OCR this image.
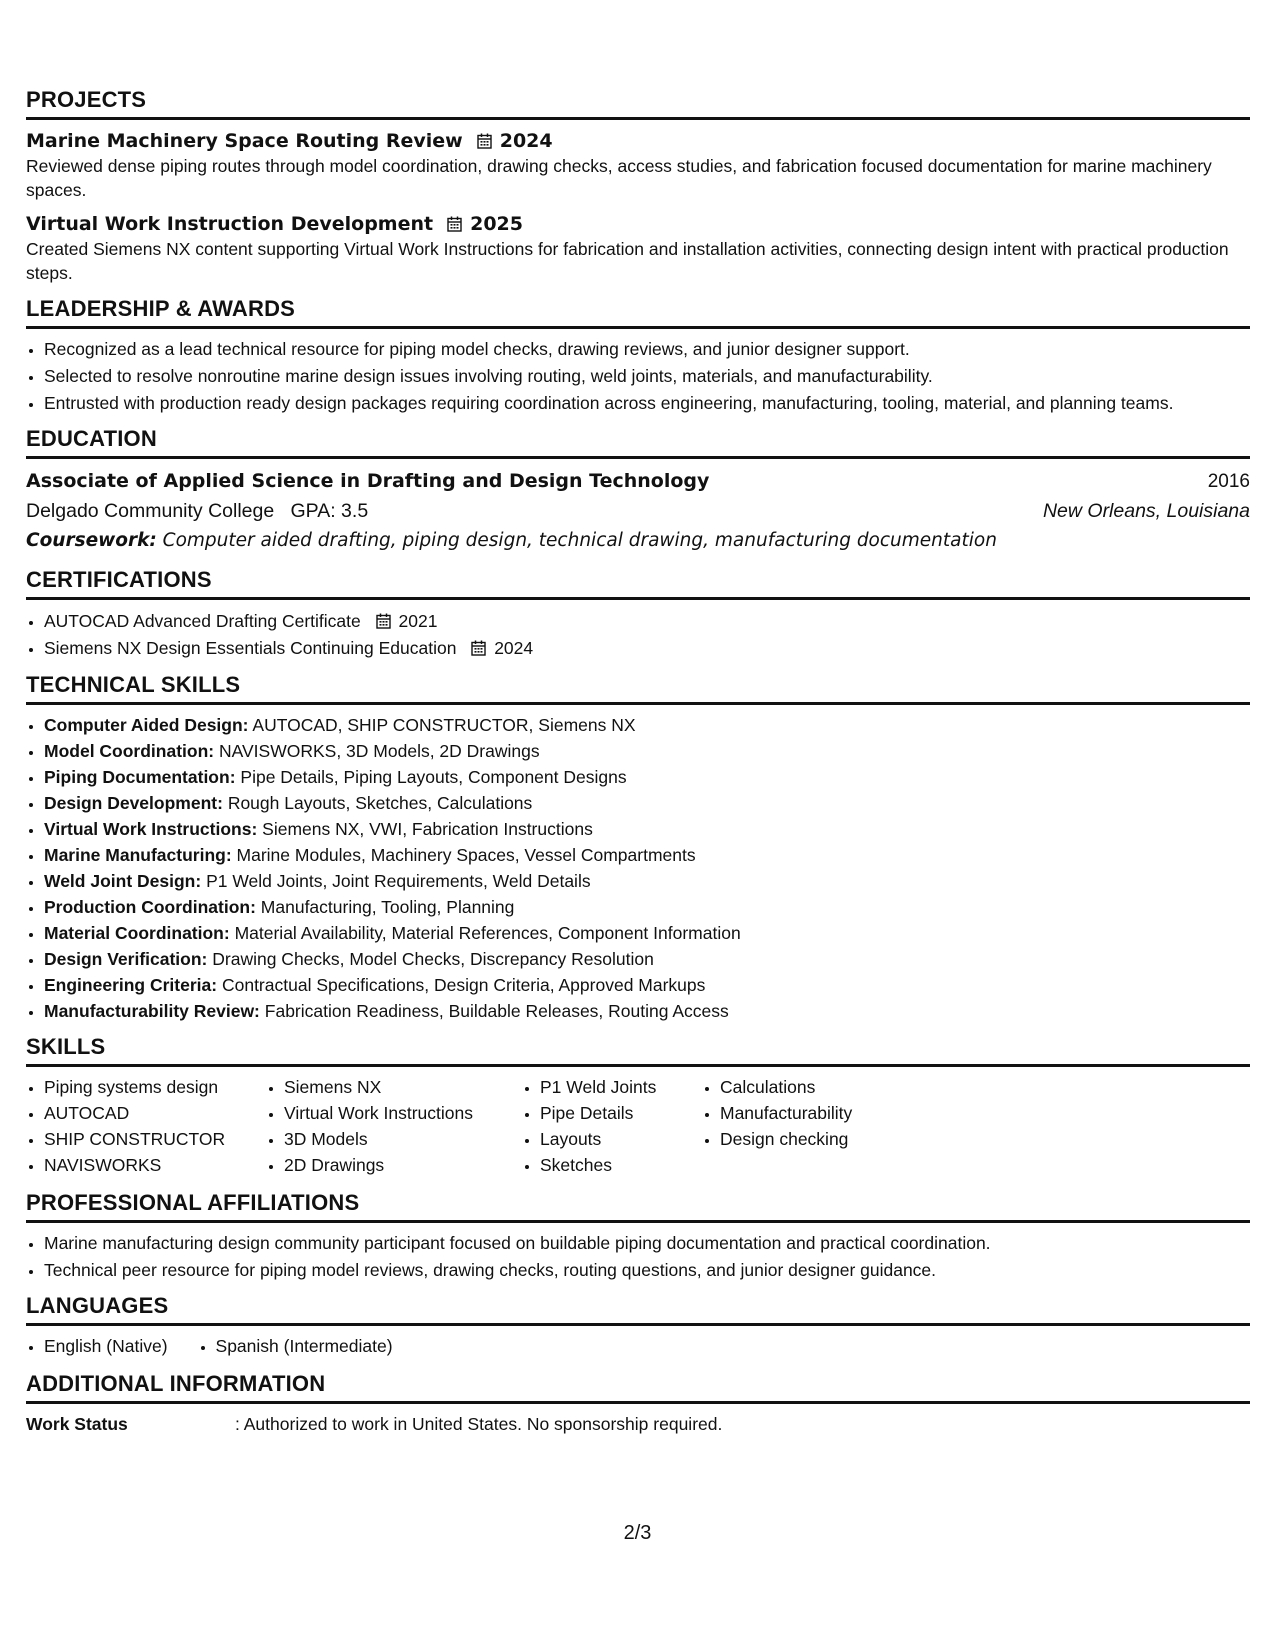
PROJECTS
Marine Machinery Space Routing Review 2024
Reviewed dense piping routes through model coordination, drawing checks, access studies, and fabrication focused documentation for marine machinery spaces.
Virtual Work Instruction Development 2025
Created Siemens NX content supporting Virtual Work Instructions for fabrication and installation activities, connecting design intent with practical production steps.
LEADERSHIP & AWARDS
• Recognized as a lead technical resource for piping model checks, drawing reviews, and junior designer support.
• Selected to resolve nonroutine marine design issues involving routing, weld joints, materials, and manufacturability.
• Entrusted with production ready design packages requiring coordination across engineering, manufacturing, tooling, material, and planning teams.
EDUCATION
Associate of Applied Science in Drafting and Design Technology	2016
Delgado Community College GPA: 3.5	New Orleans, Louisiana
Coursework: Computer aided drafting, piping design, technical drawing, manufacturing documentation
CERTIFICATIONS
• AUTOCAD Advanced Drafting Certificate 2021
• Siemens NX Design Essentials Continuing Education 2024
TECHNICAL SKILLS
• Computer Aided Design: AUTOCAD, SHIP CONSTRUCTOR, Siemens NX
• Model Coordination: NAVISWORKS, 3D Models, 2D Drawings
• Piping Documentation: Pipe Details, Piping Layouts, Component Designs
• Design Development: Rough Layouts, Sketches, Calculations
• Virtual Work Instructions: Siemens NX, VWI, Fabrication Instructions
• Marine Manufacturing: Marine Modules, Machinery Spaces, Vessel Compartments
• Weld Joint Design: P1 Weld Joints, Joint Requirements, Weld Details
• Production Coordination: Manufacturing, Tooling, Planning
• Material Coordination: Material Availability, Material References, Component Information
• Design Verification: Drawing Checks, Model Checks, Discrepancy Resolution
• Engineering Criteria: Contractual Specifications, Design Criteria, Approved Markups
• Manufacturability Review: Fabrication Readiness, Buildable Releases, Routing Access
SKILLS
• Piping systems design
• AUTOCAD
• SHIP CONSTRUCTOR
• NAVISWORKS
• Siemens NX
• Virtual Work Instructions
• 3D Models
• 2D Drawings
• P1 Weld Joints
• Pipe Details
• Layouts
• Sketches
• Calculations
• Manufacturability
• Design checking
PROFESSIONAL AFFILIATIONS
• Marine manufacturing design community participant focused on buildable piping documentation and practical coordination.
• Technical peer resource for piping model reviews, drawing checks, routing questions, and junior designer guidance.
LANGUAGES
• English (Native)
•	Spanish (Intermediate)
ADDITIONAL INFORMATION
Work Status	: Authorized to work in United States. No sponsorship required.
2/3
